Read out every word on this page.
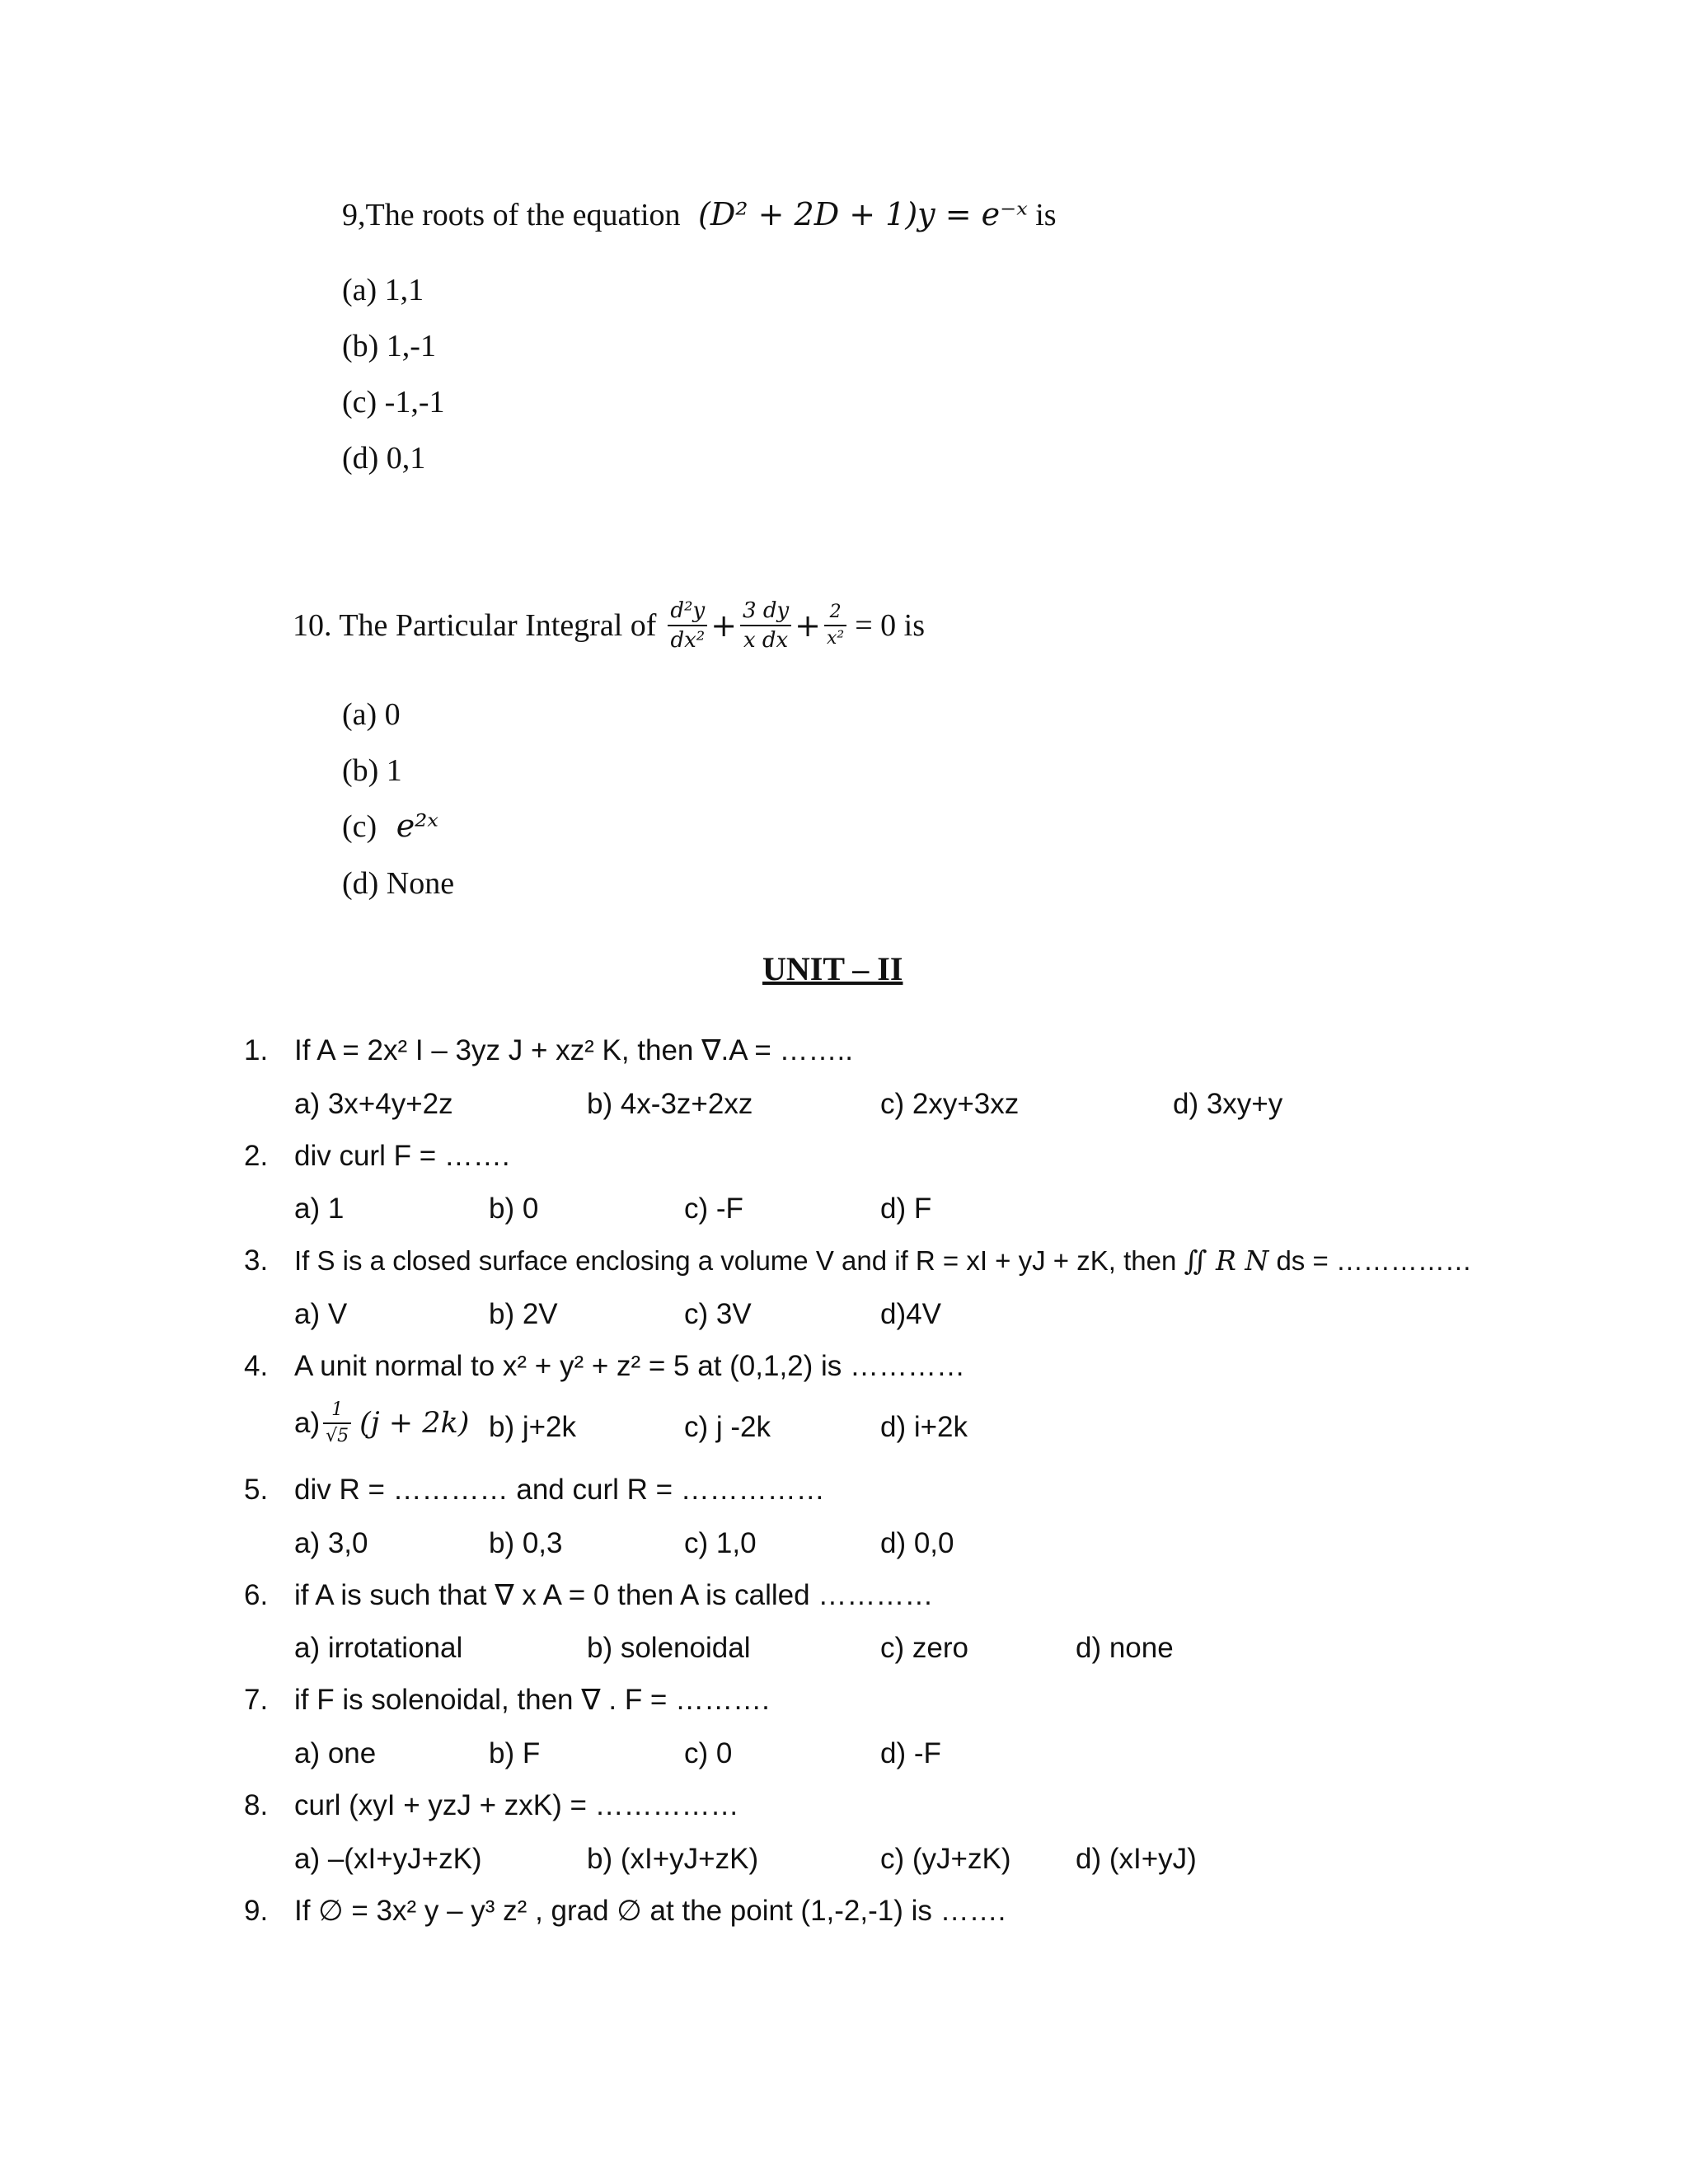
9,The roots of the equation (D² + 2D + 1)y = e⁻ˣ is
(a) 1,1
(b) 1,-1
(c) -1,-1
(d) 0,1
10. The Particular Integral of $\frac{\text{d²y}}{\text{dx²}} + \frac{3 dy}{\text{x dx}} + \frac{2}{\text{x²}} = 0$ is
(a) 0
(b) 1
(c) e²ˣ
(d) None
UNIT – II
1. If A = 2x² I – 3yz J + xz² K, then ∇.A = ……..
a) 3x+4y+2z	b) 4x-3z+2xz	c) 2xy+3xz	d) 3xy+y
2. div curl F = …….
a) 1	b) 0	c) -F	d) F
3. If S is a closed surface enclosing a volume V and if R = xI + yJ + zK, then ∬ R N ds = ……………
a) V	b) 2V	c) 3V	d)4V
4. A unit normal to x² + y² + z² = 5 at (0,1,2) is …………
$a) \frac{1}{√5} (j + 2k)$ b) j+2k	c) j -2k	d) i+2k
5. div R = ………… and curl R = ……………
a) 3,0	b) 0,3	c) 1,0	d) 0,0
6. if A is such that ∇ x A = 0 then A is called …………
a) irrotational	b) solenoidal	c) zero	d) none
7. if F is solenoidal, then ∇ . F = ……….
a) one	b) F	c) 0	d) -F
8. curl (xyI + yzJ + zxK) = ……………
a) –(xI+yJ+zK)	b) (xI+yJ+zK)	c) (yJ+zK) d) (xI+yJ)
9. If ∅ = 3x² y – y³ z² , grad ∅ at the point (1,-2,-1) is …….
